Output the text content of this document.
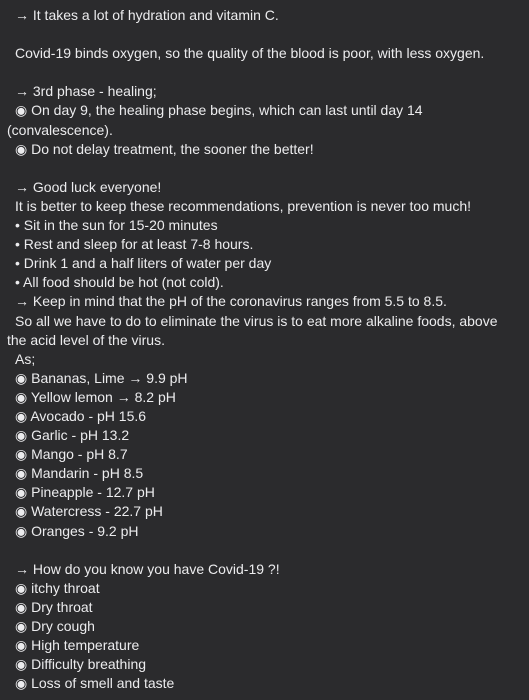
→ It takes a lot of hydration and vitamin C.
Covid-19 binds oxygen, so the quality of the blood is poor, with less oxygen.
→ 3rd phase - healing;
◉ On day 9, the healing phase begins, which can last until day 14
(convalescence).
◉ Do not delay treatment, the sooner the better!
→ Good luck everyone!
It is better to keep these recommendations, prevention is never too much!
• Sit in the sun for 15-20 minutes
• Rest and sleep for at least 7-8 hours.
• Drink 1 and a half liters of water per day
• All food should be hot (not cold).
→ Keep in mind that the pH of the coronavirus ranges from 5.5 to 8.5.
So all we have to do to eliminate the virus is to eat more alkaline foods, above
the acid level of the virus.
As;
◉ Bananas, Lime → 9.9 pH
◉ Yellow lemon → 8.2 pH
◉ Avocado - pH 15.6
◉ Garlic - pH 13.2
◉ Mango - pH 8.7
◉ Mandarin - pH 8.5
◉ Pineapple - 12.7 pH
◉ Watercress - 22.7 pH
◉ Oranges - 9.2 pH
→ How do you know you have Covid-19 ?!
◉ itchy throat
◉ Dry throat
◉ Dry cough
◉ High temperature
◉ Difficulty breathing
◉ Loss of smell and taste
